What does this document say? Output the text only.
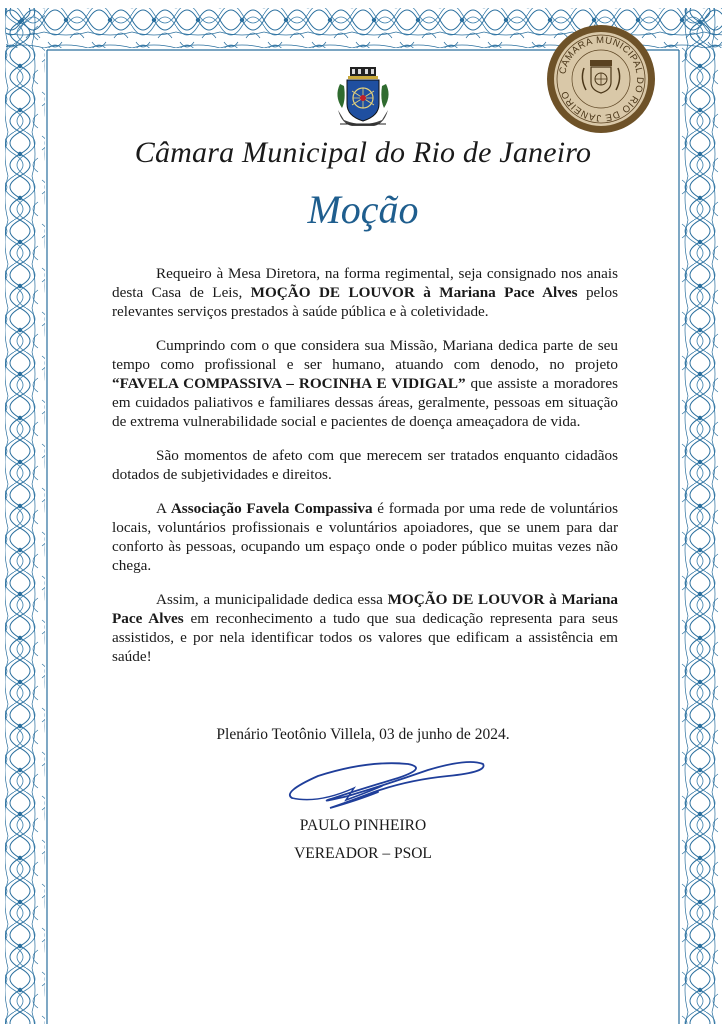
CÂMARA MUNICIPAL DO RIO DE JANEIRO
Câmara Municipal do Rio de Janeiro
Moção

Requeiro à Mesa Diretora, na forma regimental, seja consignado nos anais desta Casa de Leis, MOÇÃO DE LOUVOR à Mariana Pace Alves pelos relevantes serviços prestados à saúde pública e à coletividade.

Cumprindo com o que considera sua Missão, Mariana dedica parte de seu tempo como profissional e ser humano, atuando com denodo, no projeto “FAVELA COMPASSIVA – ROCINHA E VIDIGAL” que assiste a moradores em cuidados paliativos e familiares dessas áreas, geralmente, pessoas em situação de extrema vulnerabilidade social e pacientes de doença ameaçadora de vida.

São momentos de afeto com que merecem ser tratados enquanto cidadãos dotados de subjetividades e direitos.

A Associação Favela Compassiva é formada por uma rede de voluntários locais, voluntários profissionais e voluntários apoiadores, que se unem para dar conforto às pessoas, ocupando um espaço onde o poder público muitas vezes não chega.

Assim, a municipalidade dedica essa MOÇÃO DE LOUVOR à Mariana Pace Alves em reconhecimento a tudo que sua dedicação representa para seus assistidos, e por nela identificar todos os valores que edificam a assistência em saúde!

Plenário Teotônio Villela, 03 de junho de 2024.
PAULO PINHEIRO
VEREADOR – PSOL
